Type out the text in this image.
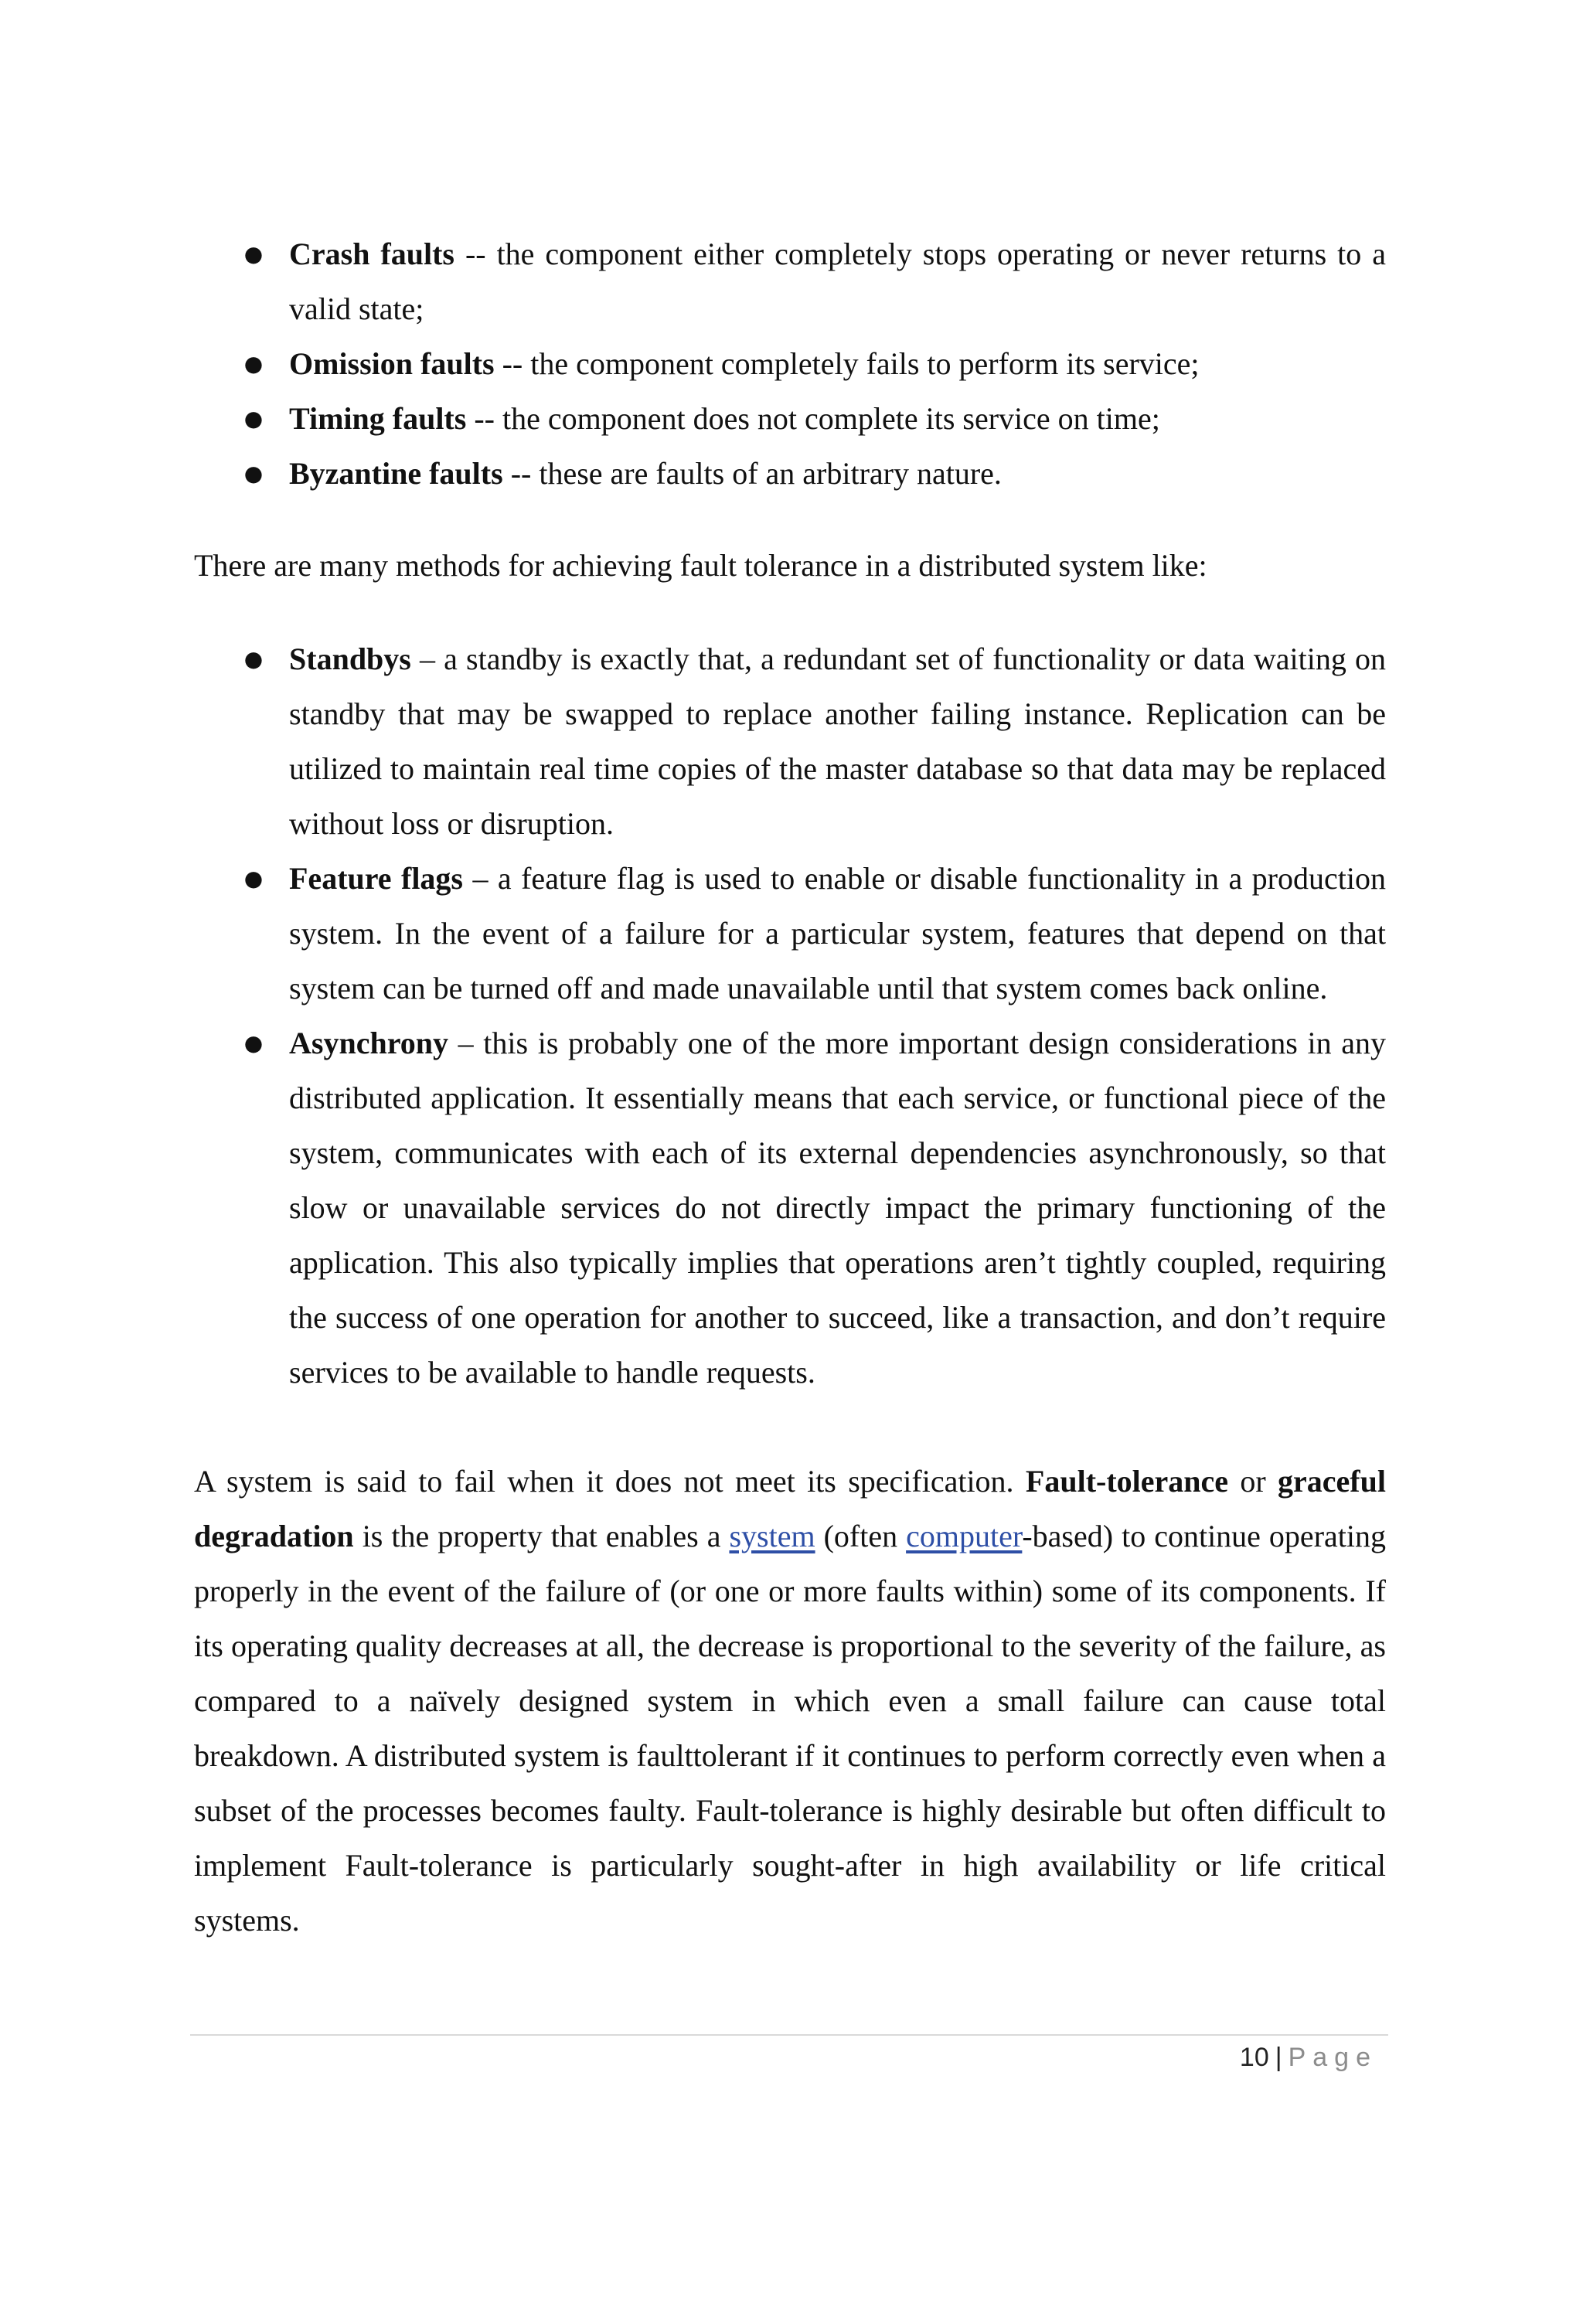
● Crash faults -- the component either completely stops operating or never returns to a valid state;
● Omission faults -- the component completely fails to perform its service;
● Timing faults -- the component does not complete its service on time;
● Byzantine faults -- these are faults of an arbitrary nature.

There are many methods for achieving fault tolerance in a distributed system like:

● Standbys – a standby is exactly that, a redundant set of functionality or data waiting on standby that may be swapped to replace another failing instance. Replication can be utilized to maintain real time copies of the master database so that data may be replaced without loss or disruption.
● Feature flags – a feature flag is used to enable or disable functionality in a production system. In the event of a failure for a particular system, features that depend on that system can be turned off and made unavailable until that system comes back online.
● Asynchrony – this is probably one of the more important design considerations in any distributed application. It essentially means that each service, or functional piece of the system, communicates with each of its external dependencies asynchronously, so that slow or unavailable services do not directly impact the primary functioning of the application. This also typically implies that operations aren’t tightly coupled, requiring the success of one operation for another to succeed, like a transaction, and don’t require services to be available to handle requests.

A system is said to fail when it does not meet its specification. Fault-tolerance or graceful degradation is the property that enables a system (often computer-based) to continue operating properly in the event of the failure of (or one or more faults within) some of its components. If its operating quality decreases at all, the decrease is proportional to the severity of the failure, as compared to a naïvely designed system in which even a small failure can cause total breakdown. A distributed system is faulttolerant if it continues to perform correctly even when a subset of the processes becomes faulty. Fault-tolerance is highly desirable but often difficult to implement Fault-tolerance is particularly sought-after in high availability or life critical systems.

10 | Page
